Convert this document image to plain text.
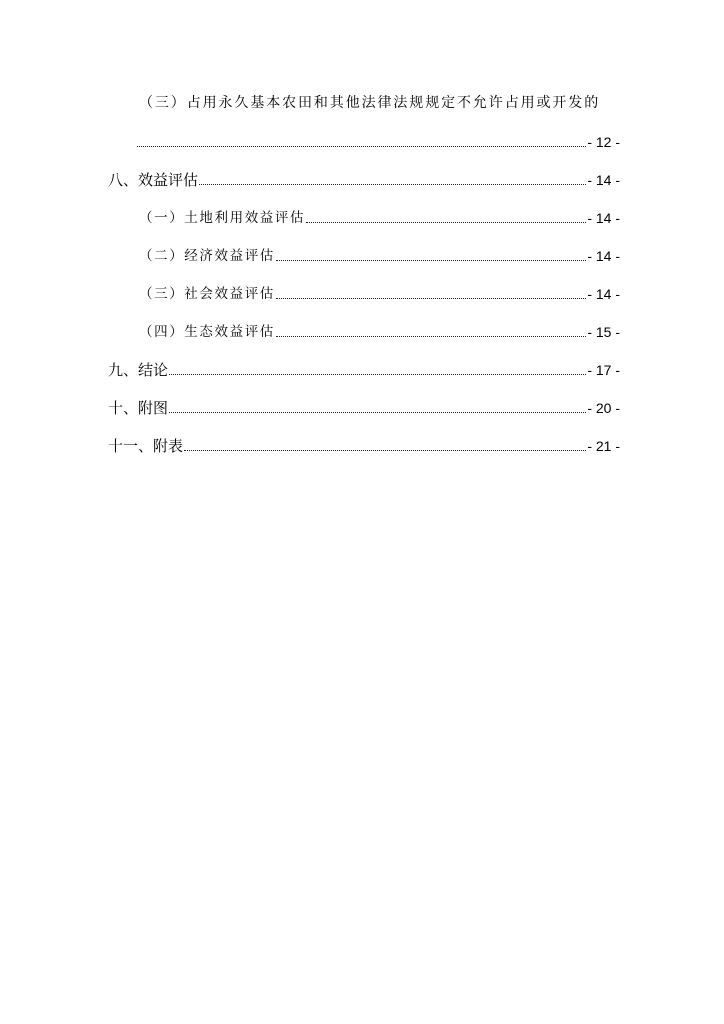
（三）占用永久基本农田和其他法律法规规定不允许占用或开发的
- 12 -
八、效益评估	- 14 -
（一）土地利用效益评估	- 14 -
（二）经济效益评估	- 14 -
（三）社会效益评估	- 14 -
（四）生态效益评估	- 15 -
九、结论	- 17 -
十、附图	- 20 -
十一、附表	- 21 -
